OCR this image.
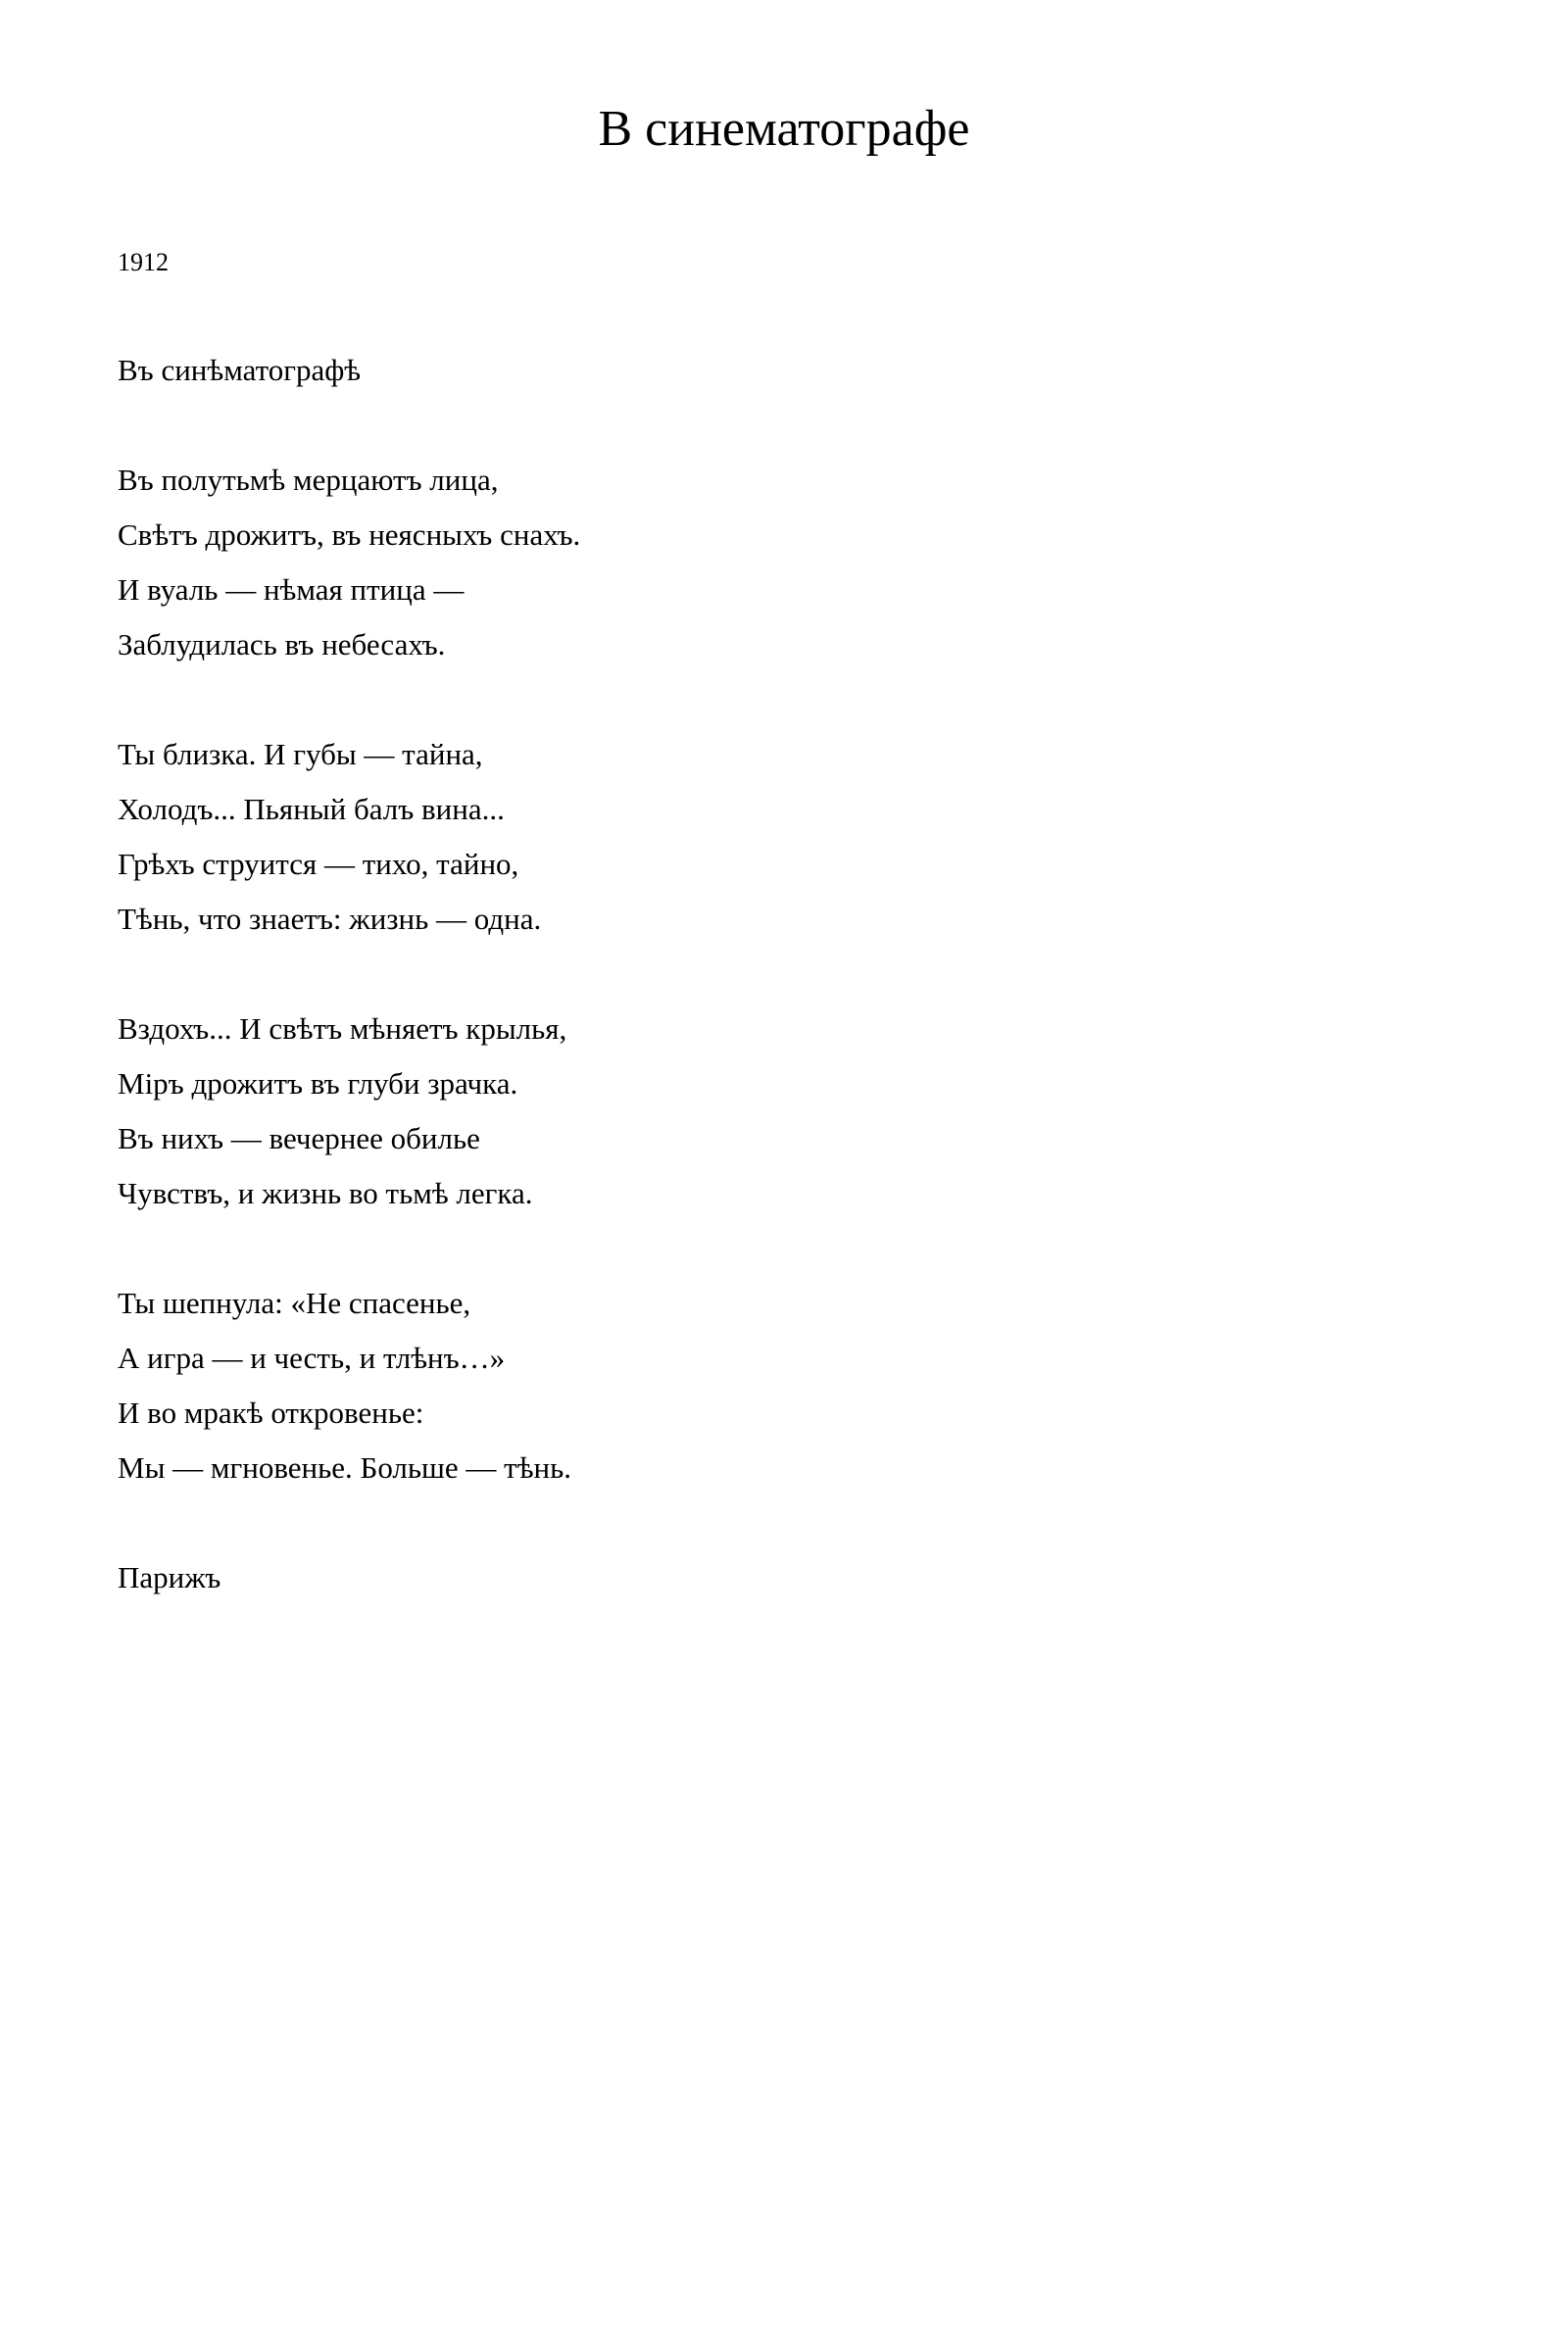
В синематографе
1912
Въ синѣматографѣ
Въ полутьмѣ мерцаютъ лица,
Свѣтъ дрожитъ, въ неясныхъ снахъ.
И вуаль — нѣмая птица —
Заблудилась въ небесахъ.
Ты близка. И губы — тайна,
Холодъ... Пьяный балъ вина...
Грѣхъ струится — тихо, тайно,
Тѣнь, что знаетъ: жизнь — одна.
Вздохъ... И свѣтъ мѣняетъ крылья,
Міръ дрожитъ въ глуби зрачка.
Въ нихъ — вечернее обилье
Чувствъ, и жизнь во тьмѣ легка.
Ты шепнула: «Не спасенье,
А игра — и честь, и тлѣнъ…»
И во мракѣ откровенье:
Мы — мгновенье. Больше — тѣнь.
Парижъ
